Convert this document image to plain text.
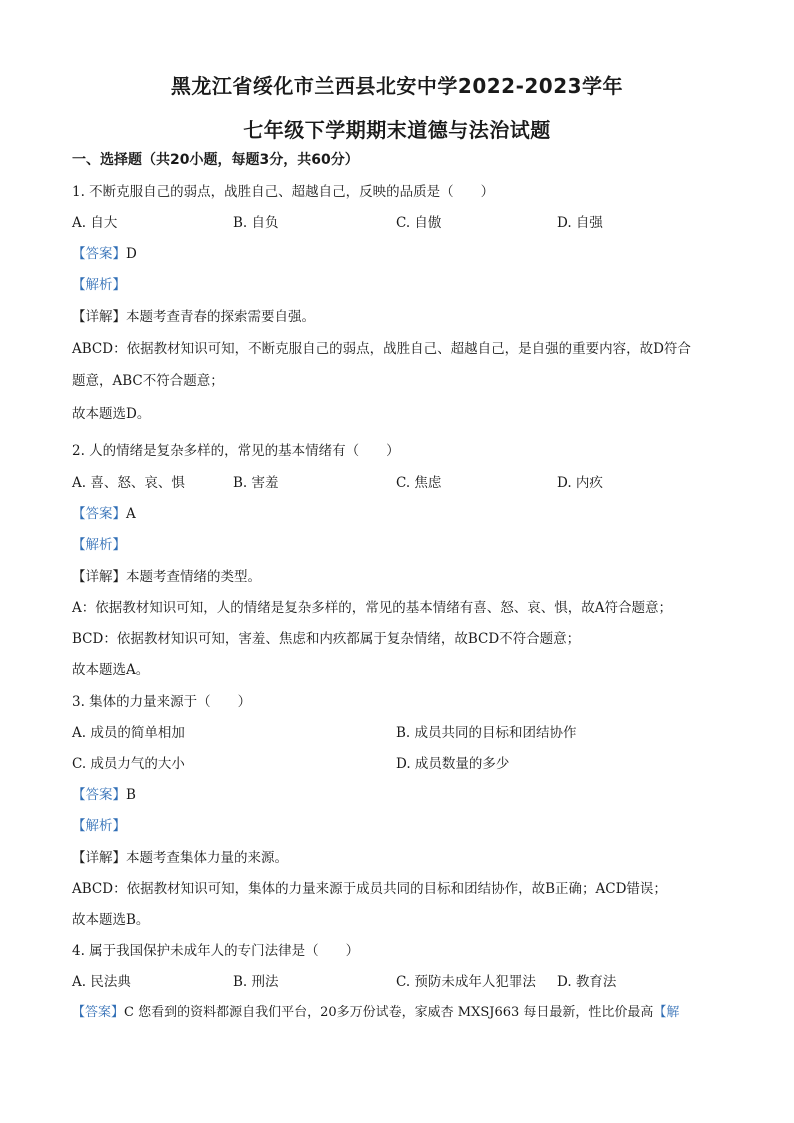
黑龙江省绥化市兰西县北安中学2022-2023学年
七年级下学期期末道德与法治试题
一、选择题（共20小题，每题3分，共60分）
1. 不断克服自己的弱点，战胜自己、超越自己，反映的品质是（　　）
A. 自大	B. 自负	C. 自傲	D. 自强
【答案】D
【解析】
【详解】本题考查青春的探索需要自强。
ABCD：依据教材知识可知，不断克服自己的弱点，战胜自己、超越自己，是自强的重要内容，故D符合
题意，ABC不符合题意；
故本题选D。
2. 人的情绪是复杂多样的，常见的基本情绪有（　　）
A. 喜、怒、哀、惧	B. 害羞	C. 焦虑	D. 内疚
【答案】A
【解析】
【详解】本题考查情绪的类型。
A：依据教材知识可知，人的情绪是复杂多样的，常见的基本情绪有喜、怒、哀、惧，故A符合题意；
BCD：依据教材知识可知，害羞、焦虑和内疚都属于复杂情绪，故BCD不符合题意；
故本题选A。
3. 集体的力量来源于（　　）
A. 成员的简单相加	B. 成员共同的目标和团结协作
C. 成员力气的大小	D. 成员数量的多少
【答案】B
【解析】
【详解】本题考查集体力量的来源。
ABCD：依据教材知识可知，集体的力量来源于成员共同的目标和团结协作，故B正确；ACD错误；
故本题选B。
4. 属于我国保护未成年人的专门法律是（　　）
A. 民法典	B. 刑法	C. 预防未成年人犯罪法 D. 教育法
【答案】C 您看到的资料都源自我们平台，20多万份试卷，家威杏 MXSJ663 每日最新，性比价最高【解
